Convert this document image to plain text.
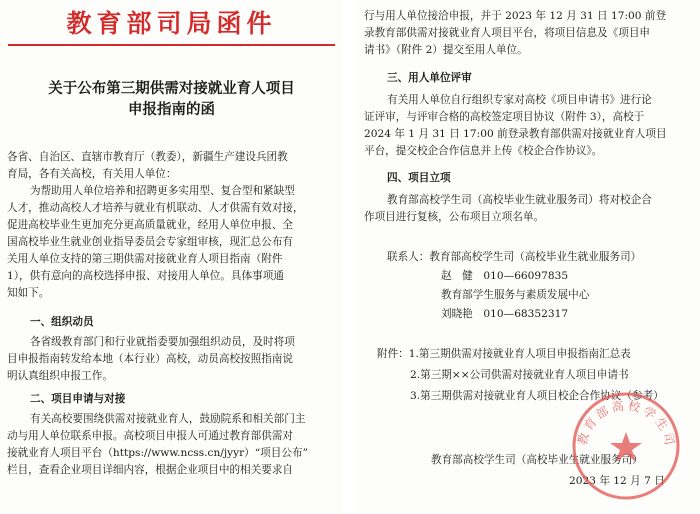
教育部司局函件
关于公布第三期供需对接就业育人项目
申报指南的函
各省、自治区、直辖市教育厅（教委），新疆生产建设兵团教
育局，各有关高校，有关用人单位：
为帮助用人单位培养和招聘更多实用型、复合型和紧缺型
人才，推动高校人才培养与就业有机联动、人才供需有效对接，
促进高校毕业生更加充分更高质量就业，经用人单位申报、全
国高校毕业生就业创业指导委员会专家组审核，现汇总公布有
关用人单位支持的第三期供需对接就业育人项目指南（附件
1），供有意向的高校选择申报、对接用人单位。具体事项通
知如下。
一、组织动员
各省级教育部门和行业就指委要加强组织动员，及时将项
目申报指南转发给本地（本行业）高校，动员高校按照指南说
明认真组织申报工作。
二、项目申请与对接
有关高校要围绕供需对接就业育人，鼓励院系和相关部门主
动与用人单位联系申报。高校项目申报人可通过教育部供需对
接就业育人项目平台（https://www.ncss.cn/jyyr）“项目公布”
栏目，查看企业项目详细内容，根据企业项目中的相关要求自
行与用人单位接洽申报，并于 2023 年 12 月 31 日 17:00 前登
录教育部供需对接就业育人项目平台，将项目信息及《项目申
请书》（附件 2）提交至用人单位。
三、用人单位评审
有关用人单位自行组织专家对高校《项目申请书》进行论
证评审，与评审合格的高校签定项目协议（附件 3），高校于
2024 年 1 月 31 日 17:00 前登录教育部供需对接就业育人项目
平台，提交校企合作信息并上传《校企合作协议》。
四、项目立项
教育部高校学生司（高校毕业生就业服务司）将对校企合
作项目进行复核，公布项目立项名单。
联系人：教育部高校学生司（高校毕业生就业服务司）
赵　健　010—66097835
教育部学生服务与素质发展中心
刘晓艳　010—68352317
附件：1.第三期供需对接就业育人项目申报指南汇总表
2.第三期××公司供需对接就业育人项目申请书
3.第三期供需对接就业育人项目校企合作协议（参考）
教育部高校学生司（高校毕业生就业服务司）
2023 年 12 月 7 日
教育部高校学生司
